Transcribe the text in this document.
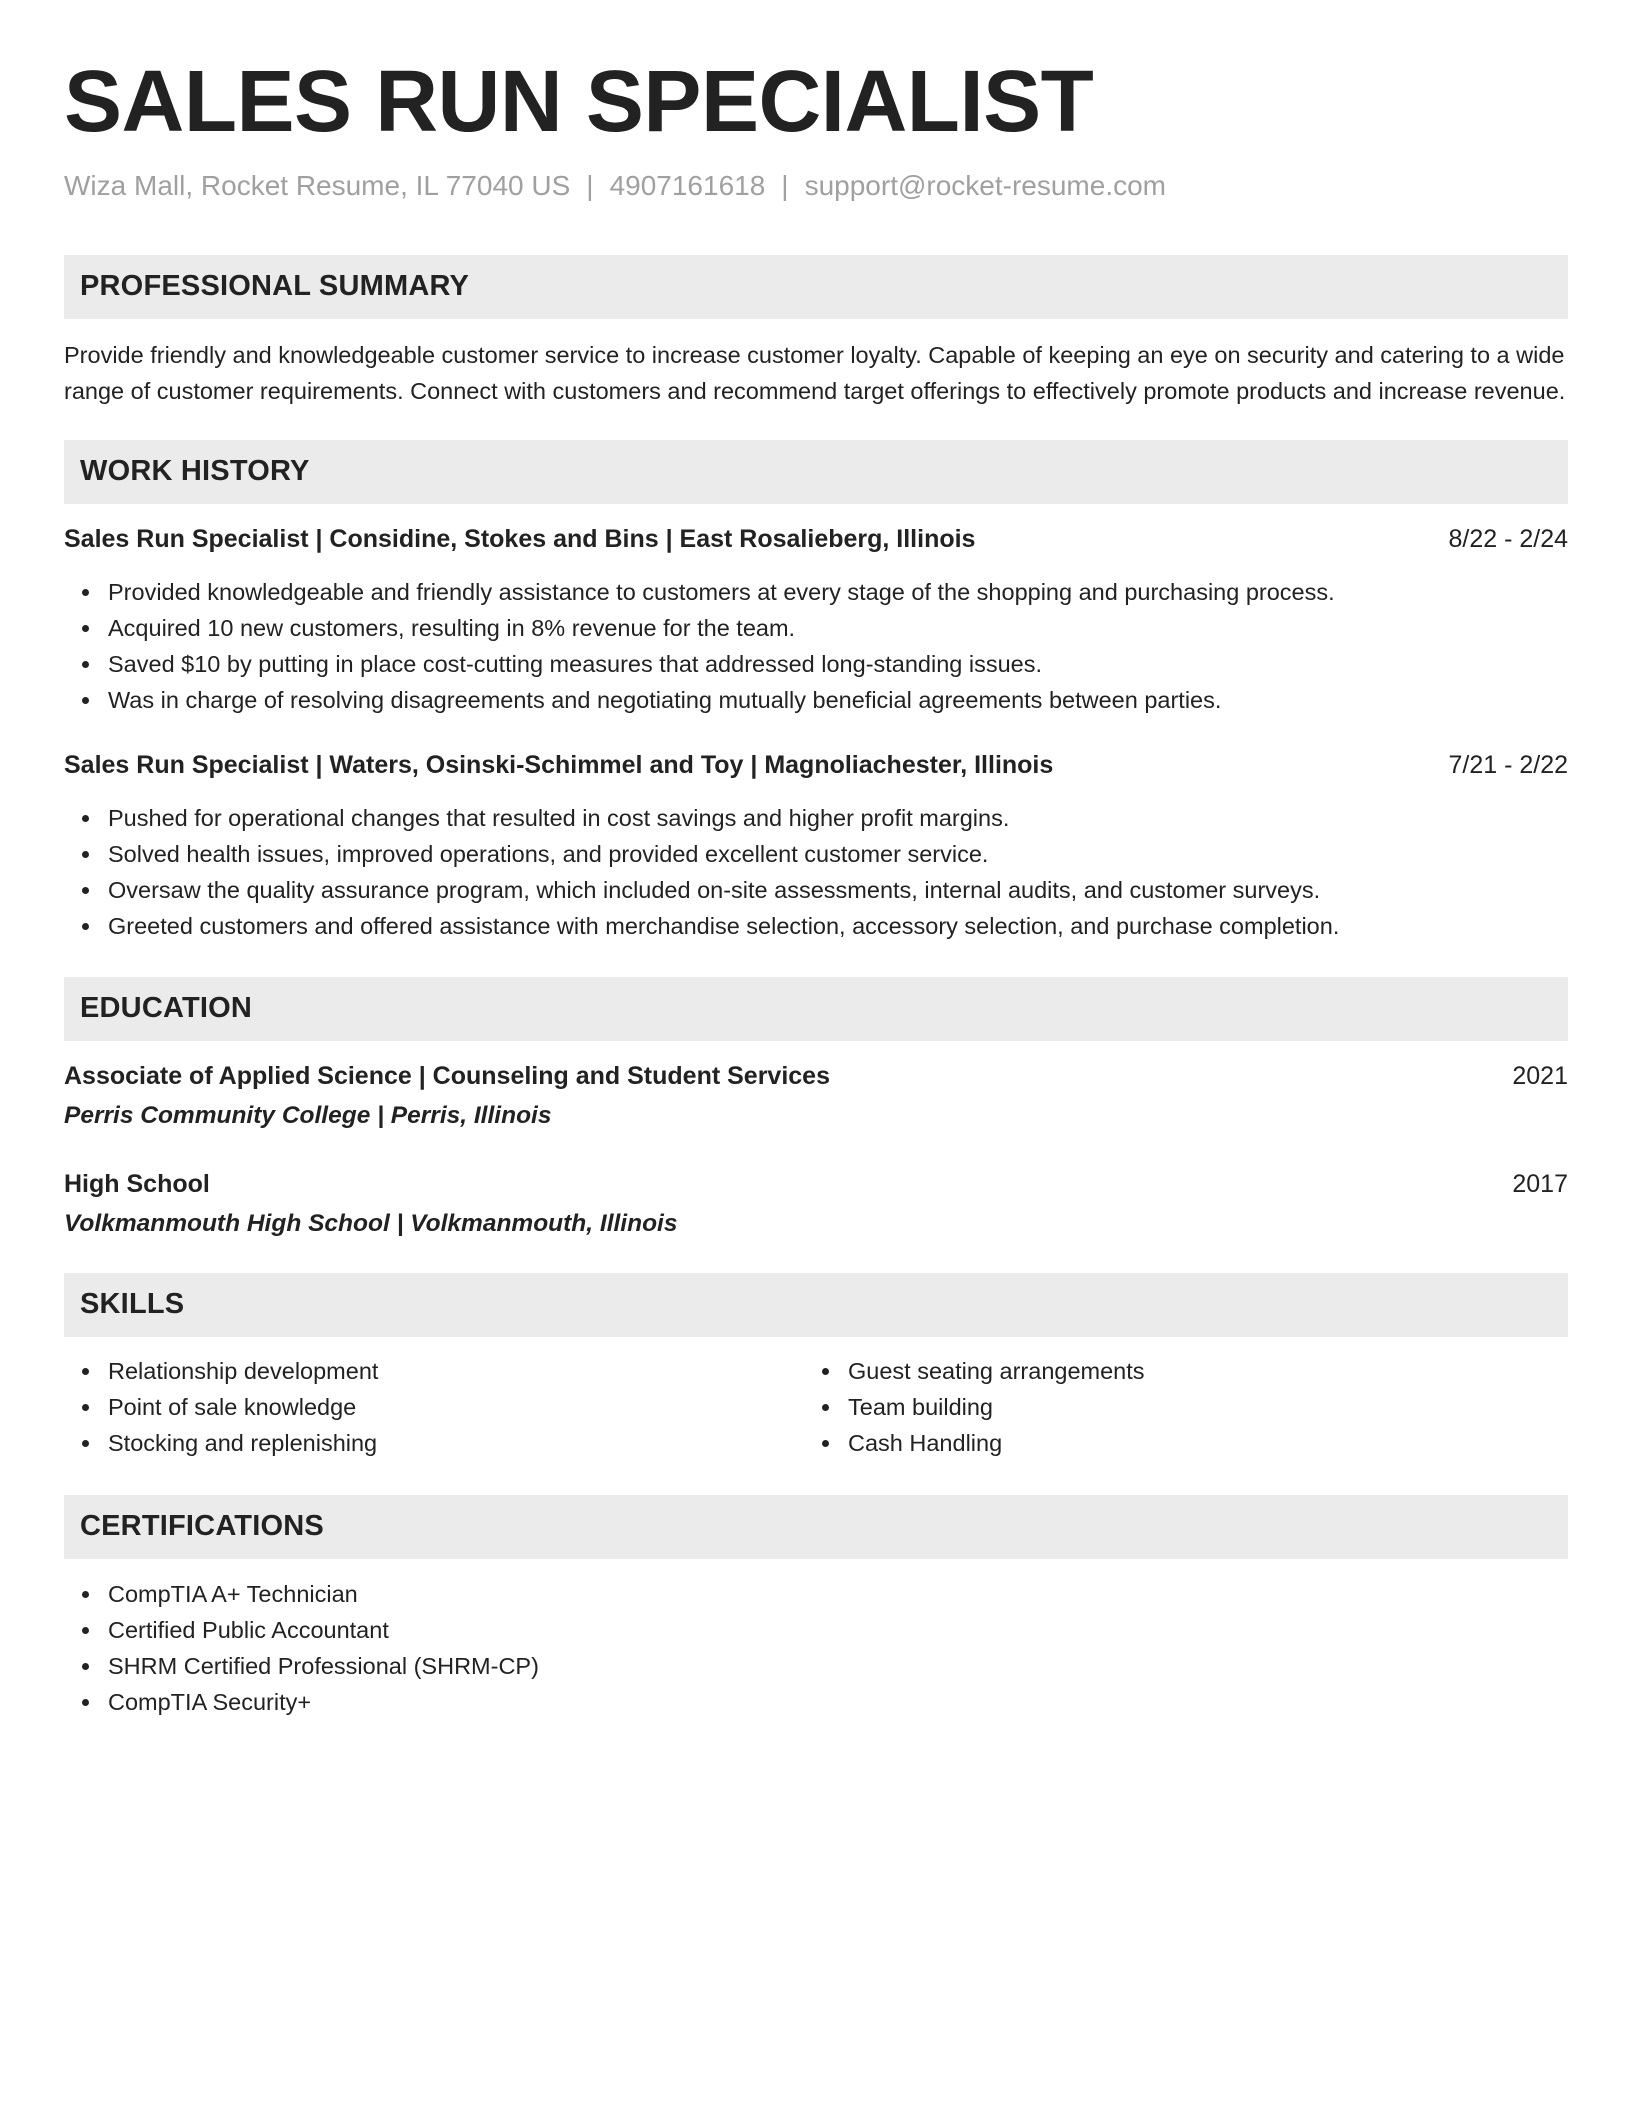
SALES RUN SPECIALIST
Wiza Mall, Rocket Resume, IL 77040 US | 4907161618 | support@rocket-resume.com
PROFESSIONAL SUMMARY
Provide friendly and knowledgeable customer service to increase customer loyalty. Capable of keeping an eye on security and catering to a wide range of customer requirements. Connect with customers and recommend target offerings to effectively promote products and increase revenue.
WORK HISTORY
Sales Run Specialist | Considine, Stokes and Bins | East Rosalieberg, Illinois	8/22 - 2/24
Provided knowledgeable and friendly assistance to customers at every stage of the shopping and purchasing process.
Acquired 10 new customers, resulting in 8% revenue for the team.
Saved $10 by putting in place cost-cutting measures that addressed long-standing issues.
Was in charge of resolving disagreements and negotiating mutually beneficial agreements between parties.
Sales Run Specialist | Waters, Osinski-Schimmel and Toy | Magnoliachester, Illinois	7/21 - 2/22
Pushed for operational changes that resulted in cost savings and higher profit margins.
Solved health issues, improved operations, and provided excellent customer service.
Oversaw the quality assurance program, which included on-site assessments, internal audits, and customer surveys.
Greeted customers and offered assistance with merchandise selection, accessory selection, and purchase completion.
EDUCATION
Associate of Applied Science | Counseling and Student Services	2021
Perris Community College | Perris, Illinois
High School	2017
Volkmanmouth High School | Volkmanmouth, Illinois
SKILLS
Relationship development
Point of sale knowledge
Stocking and replenishing
Guest seating arrangements
Team building
Cash Handling
CERTIFICATIONS
CompTIA A+ Technician
Certified Public Accountant
SHRM Certified Professional (SHRM-CP)
CompTIA Security+
